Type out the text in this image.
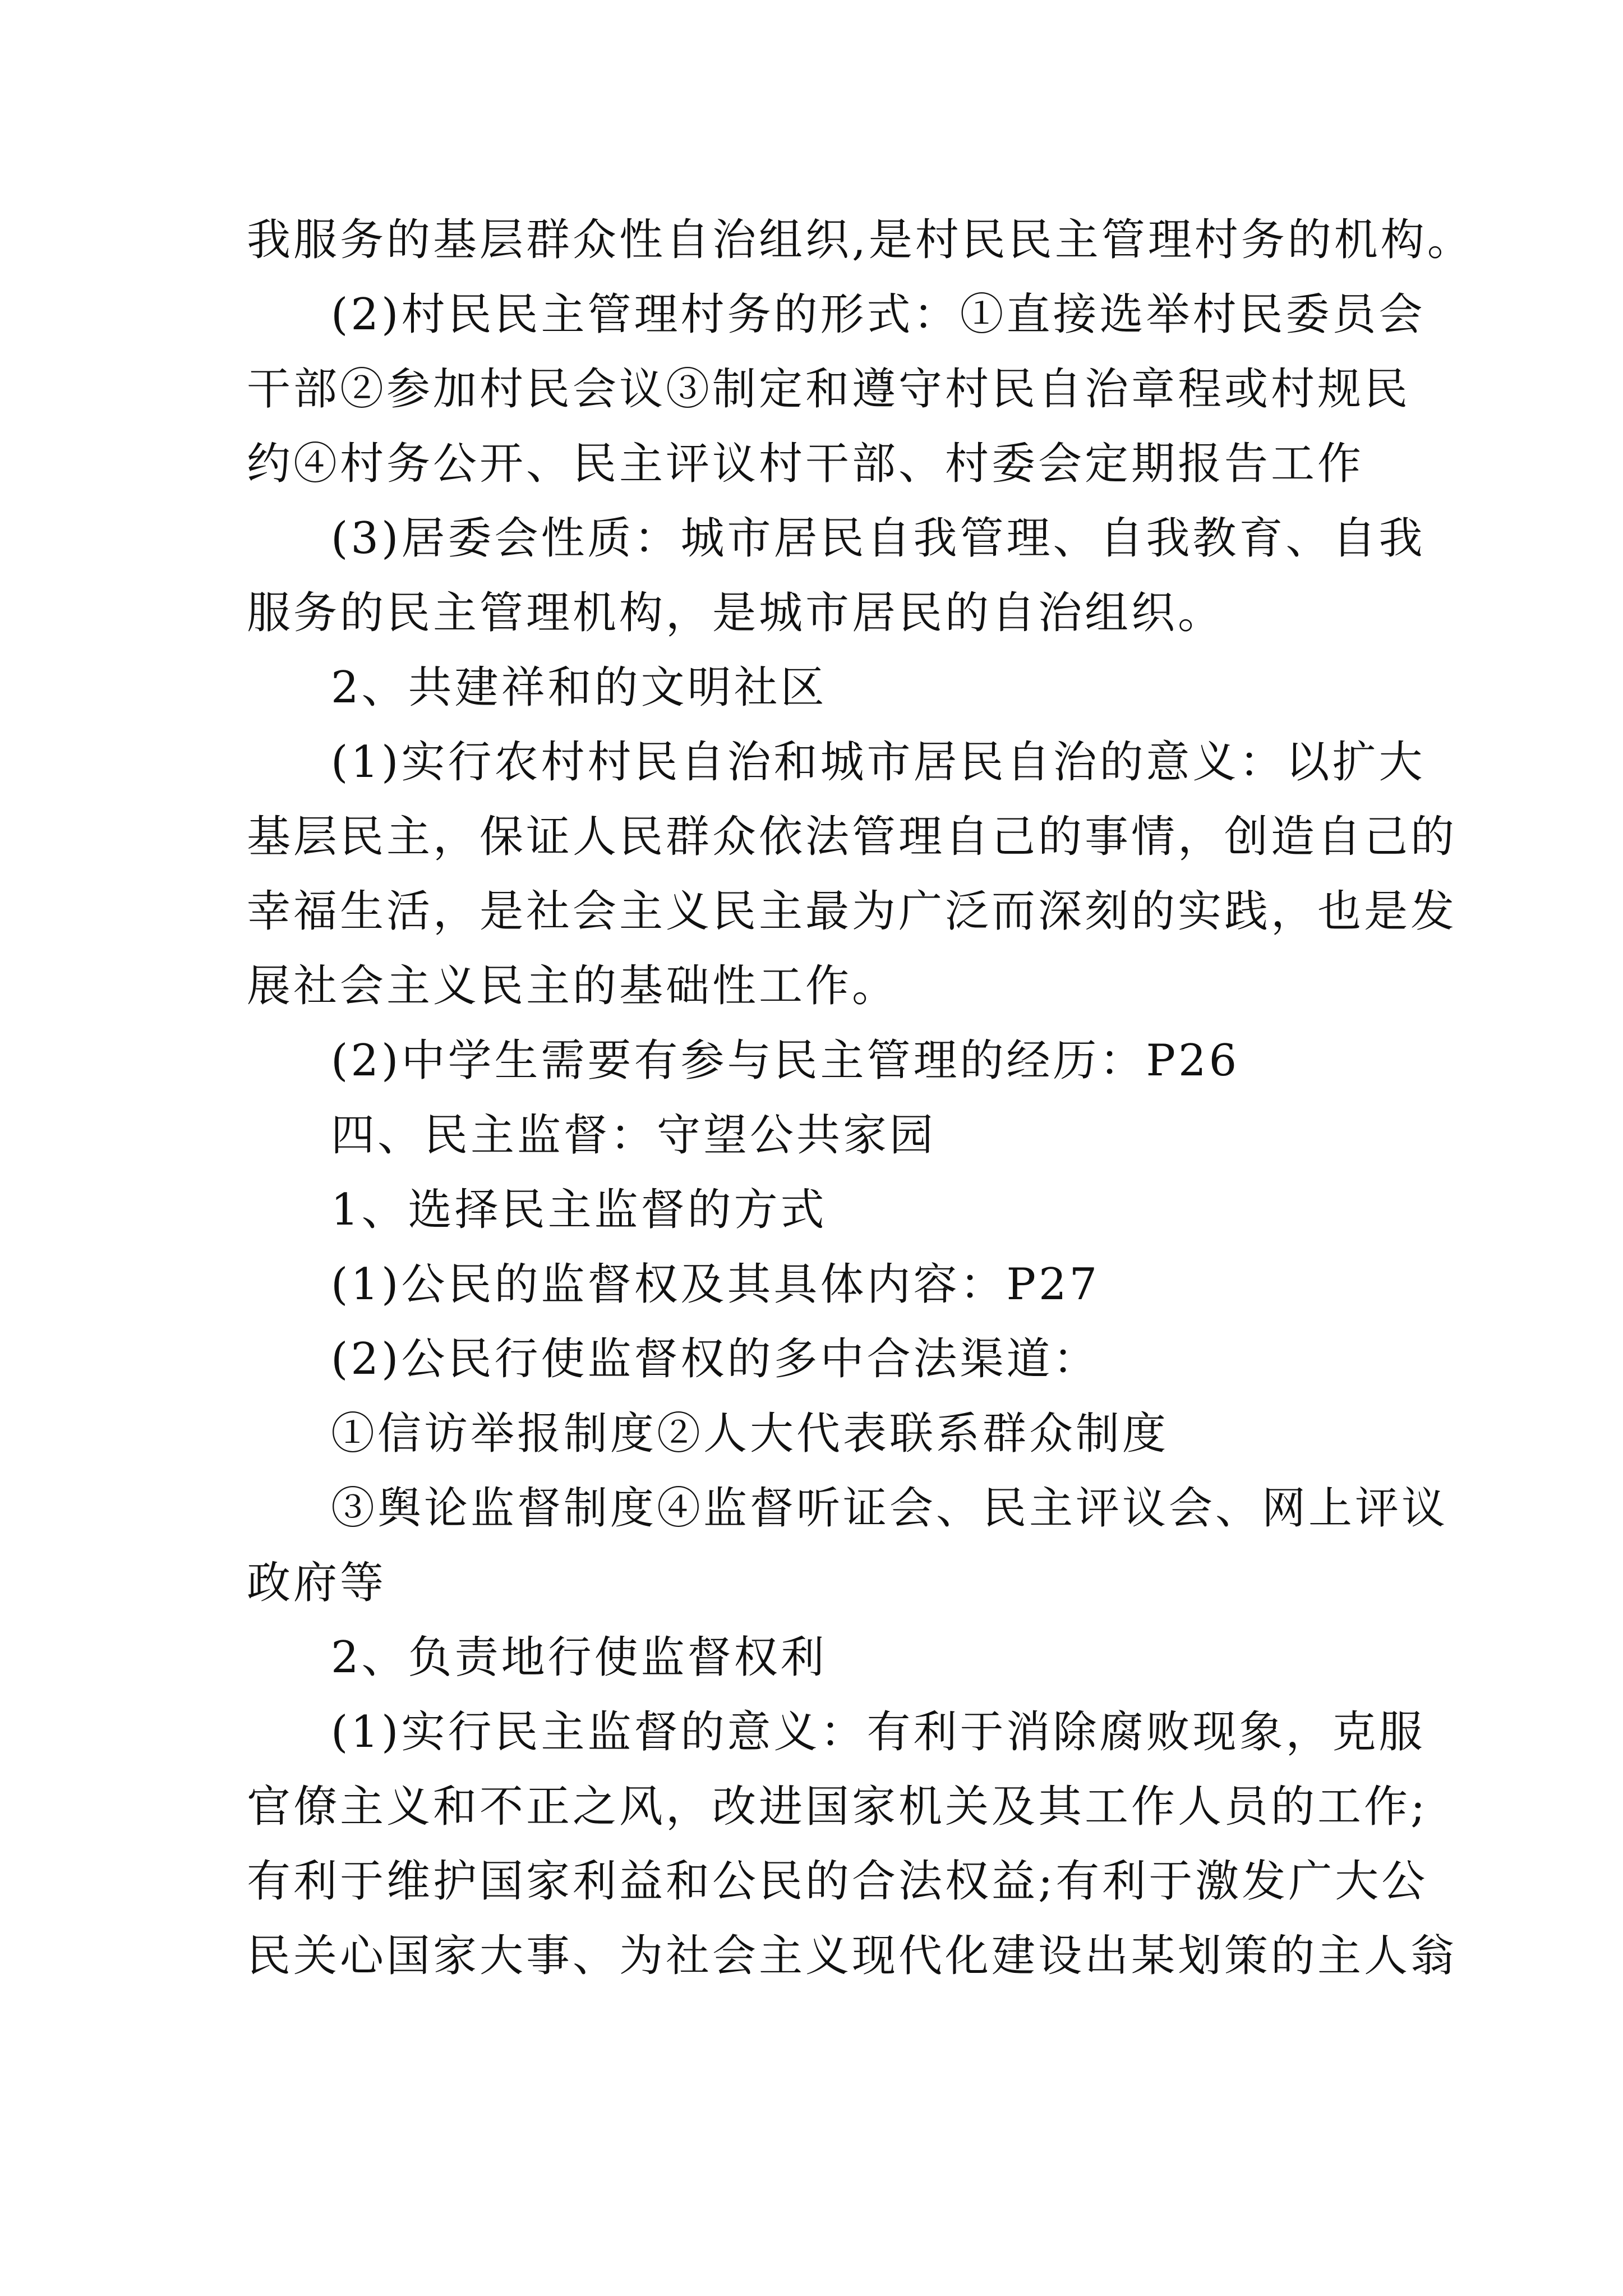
我服务的基层群众性自治组织,是村民民主管理村务的机构。

(2)村民民主管理村务的形式：①直接选举村民委员会

干部②参加村民会议③制定和遵守村民自治章程或村规民

约④村务公开、民主评议村干部、村委会定期报告工作

(3)居委会性质：城市居民自我管理、自我教育、自我

服务的民主管理机构，是城市居民的自治组织。

2、共建祥和的文明社区

(1)实行农村村民自治和城市居民自治的意义：以扩大

基层民主，保证人民群众依法管理自己的事情，创造自己的

幸福生活，是社会主义民主最为广泛而深刻的实践，也是发

展社会主义民主的基础性工作。

(2)中学生需要有参与民主管理的经历：P26

四、民主监督：守望公共家园

1、选择民主监督的方式

(1)公民的监督权及其具体内容：P27

(2)公民行使监督权的多中合法渠道：

①信访举报制度②人大代表联系群众制度

③舆论监督制度④监督听证会、民主评议会、网上评议

政府等

2、负责地行使监督权利

(1)实行民主监督的意义：有利于消除腐败现象，克服

官僚主义和不正之风，改进国家机关及其工作人员的工作;

有利于维护国家利益和公民的合法权益;有利于激发广大公

民关心国家大事、为社会主义现代化建设出某划策的主人翁
